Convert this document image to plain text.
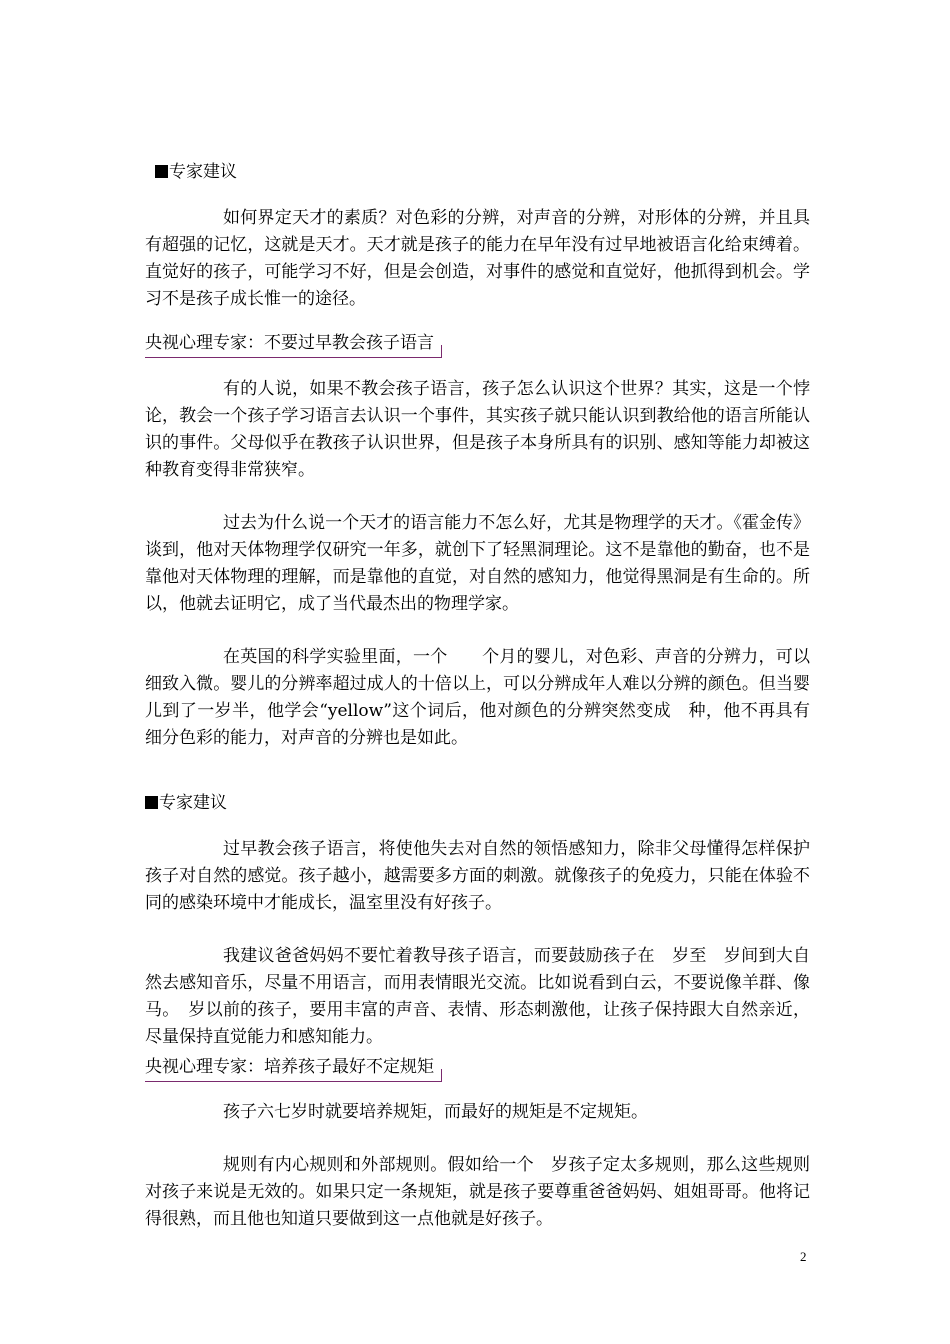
专家建议

如何界定天才的素质？对色彩的分辨，对声音的分辨，对形体的分辨，并且具有超强的记忆，这就是天才。天才就是孩子的能力在早年没有过早地被语言化给束缚着。直觉好的孩子，可能学习不好，但是会创造，对事件的感觉和直觉好，他抓得到机会。学习不是孩子成长惟一的途径。

央视心理专家：不要过早教会孩子语言

有的人说，如果不教会孩子语言，孩子怎么认识这个世界？其实，这是一个悖论，教会一个孩子学习语言去认识一个事件，其实孩子就只能认识到教给他的语言所能认识的事件。父母似乎在教孩子认识世界，但是孩子本身所具有的识别、感知等能力却被这种教育变得非常狭窄。

过去为什么说一个天才的语言能力不怎么好，尤其是物理学的天才。《霍金传》谈到，他对天体物理学仅研究一年多，就创下了轻黑洞理论。这不是靠他的勤奋，也不是靠他对天体物理的理解，而是靠他的直觉，对自然的感知力，他觉得黑洞是有生命的。所以，他就去证明它，成了当代最杰出的物理学家。

在英国的科学实验里面，一个　　个月的婴儿，对色彩、声音的分辨力，可以细致入微。婴儿的分辨率超过成人的十倍以上，可以分辨成年人难以分辨的颜色。但当婴儿到了一岁半，他学会“yellow”这个词后，他对颜色的分辨突然变成　种，他不再具有细分色彩的能力，对声音的分辨也是如此。

专家建议

过早教会孩子语言，将使他失去对自然的领悟感知力，除非父母懂得怎样保护孩子对自然的感觉。孩子越小，越需要多方面的刺激。就像孩子的免疫力，只能在体验不同的感染环境中才能成长，温室里没有好孩子。

我建议爸爸妈妈不要忙着教导孩子语言，而要鼓励孩子在　岁至　岁间到大自然去感知音乐，尽量不用语言，而用表情眼光交流。比如说看到白云，不要说像羊群、像马。　岁以前的孩子，要用丰富的声音、表情、形态刺激他，让孩子保持跟大自然亲近，尽量保持直觉能力和感知能力。

央视心理专家：培养孩子最好不定规矩

孩子六七岁时就要培养规矩，而最好的规矩是不定规矩。

规则有内心规则和外部规则。假如给一个　岁孩子定太多规则，那么这些规则对孩子来说是无效的。如果只定一条规矩，就是孩子要尊重爸爸妈妈、姐姐哥哥。他将记得很熟，而且他也知道只要做到这一点他就是好孩子。

2
